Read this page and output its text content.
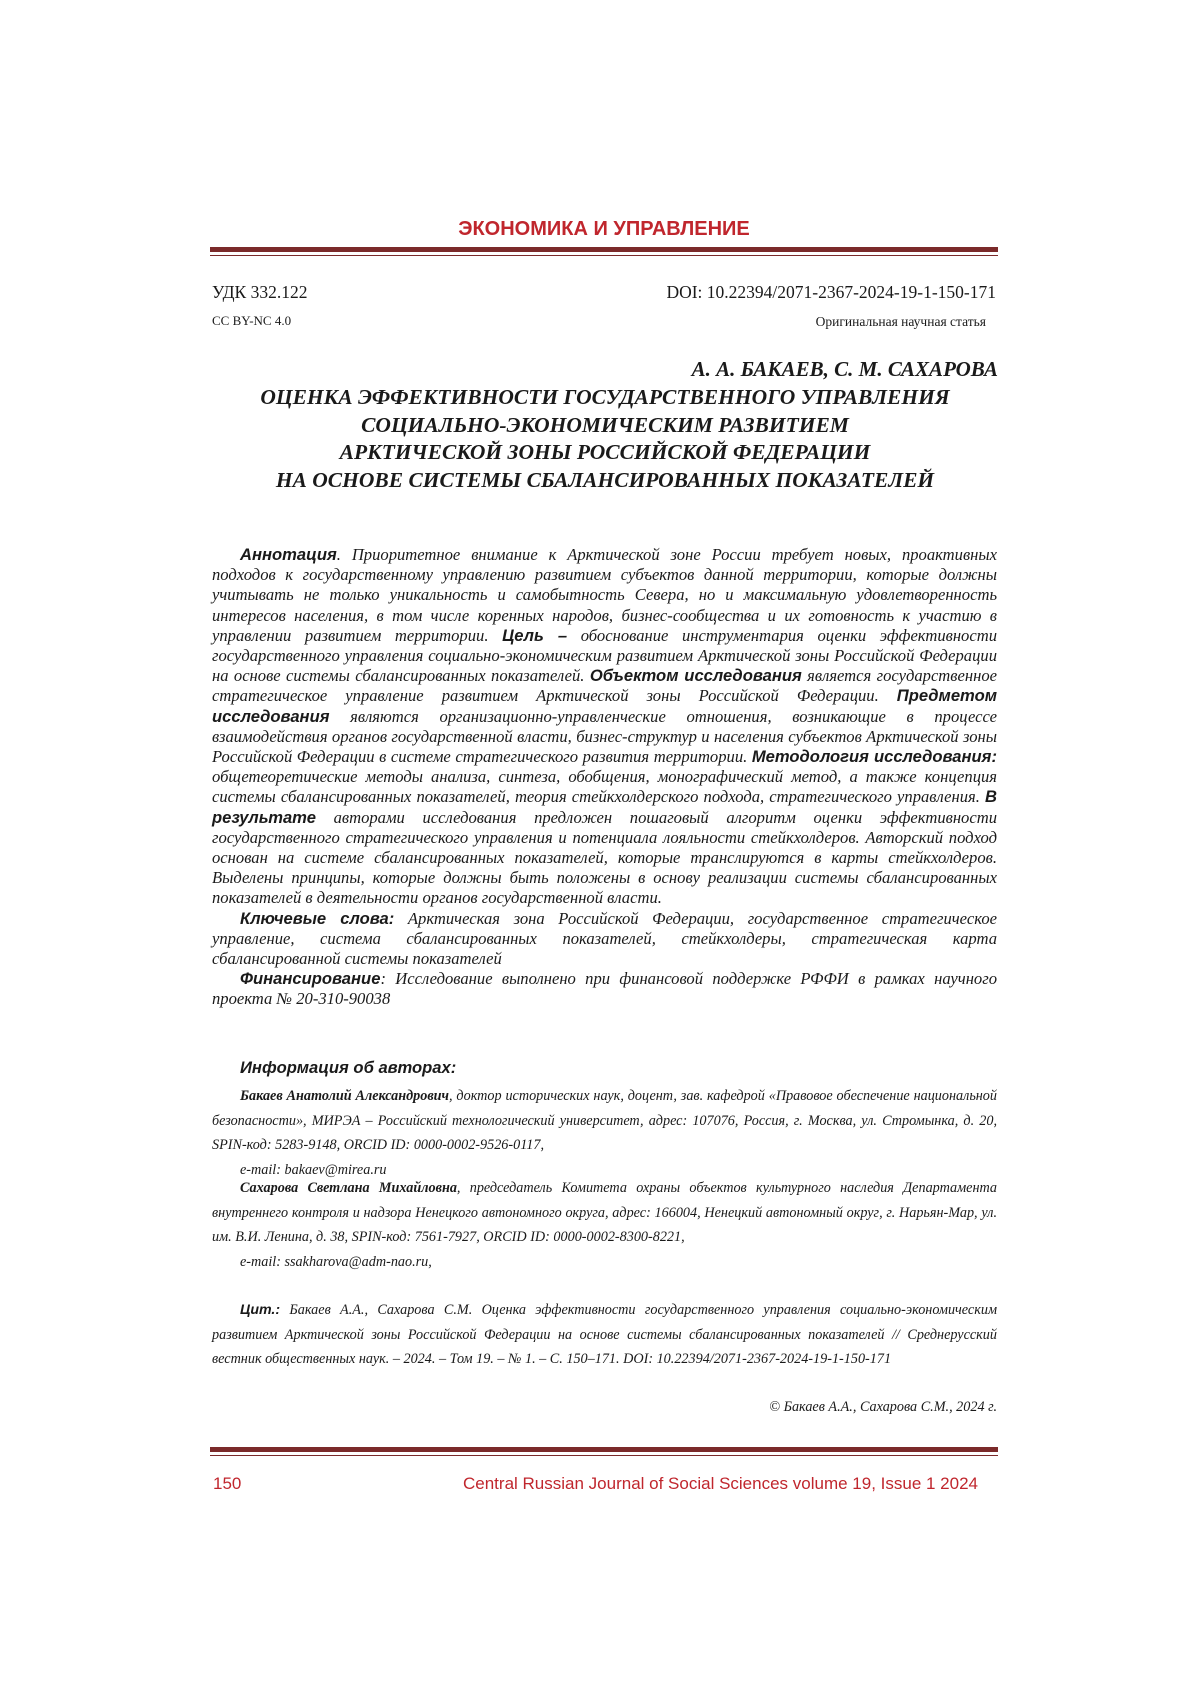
ЭКОНОМИКА И УПРАВЛЕНИЕ
УДК 332.122	DOI: 10.22394/2071-2367-2024-19-1-150-171
CC BY-NC 4.0	Оригинальная научная статья
А. А. БАКАЕВ, С. М. САХАРОВА
ОЦЕНКА ЭФФЕКТИВНОСТИ ГОСУДАРСТВЕННОГО УПРАВЛЕНИЯ
СОЦИАЛЬНО-ЭКОНОМИЧЕСКИМ РАЗВИТИЕМ
АРКТИЧЕСКОЙ ЗОНЫ РОССИЙСКОЙ ФЕДЕРАЦИИ
НА ОСНОВЕ СИСТЕМЫ СБАЛАНСИРОВАННЫХ ПОКАЗАТЕЛЕЙ

Аннотация. Приоритетное внимание к Арктической зоне России требует новых, проактивных подходов к государственному управлению развитием субъектов данной территории, которые должны учитывать не только уникальность и самобытность Севера, но и максимальную удовлетворенность интересов населения, в том числе коренных народов, бизнес-сообщества и их готовность к участию в управлении развитием территории. Цель – обоснование инструментария оценки эффективности государственного управления социально-экономическим развитием Арктической зоны Российской Федерации на основе системы сбалансированных показателей. Объектом исследования является государственное стратегическое управление развитием Арктической зоны Российской Федерации. Предметом исследования являются организационно-управленческие отношения, возникающие в процессе взаимодействия органов государственной власти, бизнес-структур и населения субъектов Арктической зоны Российской Федерации в системе стратегического развития территории. Методология исследования: общетеоретические методы анализа, синтеза, обобщения, монографический метод, а также концепция системы сбалансированных показателей, теория стейкхолдерского подхода, стратегического управления. В результате авторами исследования предложен пошаговый алгоритм оценки эффективности государственного стратегического управления и потенциала лояльности стейкхолдеров. Авторский подход основан на системе сбалансированных показателей, которые транслируются в карты стейкхолдеров. Выделены принципы, которые должны быть положены в основу реализации системы сбалансированных показателей в деятельности органов государственной власти.

Ключевые слова: Арктическая зона Российской Федерации, государственное стратегическое управление, система сбалансированных показателей, стейкхолдеры, стратегическая карта сбалансированной системы показателей

Финансирование: Исследование выполнено при финансовой поддержке РФФИ в рамках научного проекта № 20-310-90038

Информация об авторах:

Бакаев Анатолий Александрович, доктор исторических наук, доцент, зав. кафедрой «Правовое обеспечение национальной безопасности», МИРЭА – Российский технологический университет, адрес: 107076, Россия, г. Москва, ул. Стромынка, д. 20, SPIN-код: 5283-9148, ORCID ID: 0000-0002-9526-0117,
e-mail: bakaev@mirea.ru

Сахарова Светлана Михайловна, председатель Комитета охраны объектов культурного наследия Департамента внутреннего контроля и надзора Ненецкого автономного округа, адрес: 166004, Ненецкий автономный округ, г. Нарьян-Мар, ул. им. В.И. Ленина, д. 38, SPIN-код: 7561-7927, ORCID ID: 0000-0002-8300-8221,
e-mail: ssakharova@adm-nao.ru,

Цит.: Бакаев А.А., Сахарова С.М. Оценка эффективности государственного управления социально-экономическим развитием Арктической зоны Российской Федерации на основе системы сбалансированных показателей // Среднерусский вестник общественных наук. – 2024. – Том 19. – № 1. – С. 150–171. DOI: 10.22394/2071-2367-2024-19-1-150-171

© Бакаев А.А., Сахарова С.М., 2024 г.
150	Central Russian Journal of Social Sciences volume 19, Issue 1 2024
